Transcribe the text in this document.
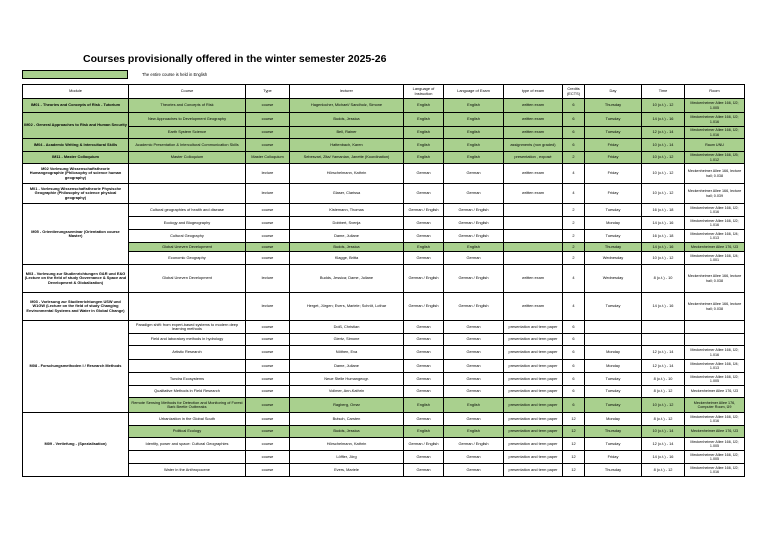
Courses provisionally offered in the winter semester 2025-26
The entire course is held in English
Module	Course	Type	lecturer	Language of Instruction	Language of Exam	type of exam	Credits (ECTS)	Day	Time	Room
IM01 - Theories and Concepts of Risk - Tutorium	Theories and Concepts of Risk	course	Hagenlocher, Michael/ Sandholz, Simone	English	English	written exam	6	Thursday	10 (c.t.) - 12	Meckenheimer Allee 166, Ü2; 1.005
IM02 - General Approaches to Risk and Human Security	New Approaches to Development Geography	course	Budds, Jessica	English	English	written exam	6	Tuesday	14 (c.t.) - 16	Meckenheimer Allee 166, Ü2; 1.016
	Earth System Science	course	Bell, Rainer	English	English	written exam	6	Tuesday	12 (c.t.) - 14	Meckenheimer Allee 166, Ü2; 1.016
IM04 - Academic Writing & Intercultural Skills	Academic Presentation & Intercultural Communication Skills	course	Hattenbach, Karen	English	English	assignments (non graded)	6	Friday	10 (c.t.) - 14	Raum UNU
IM11 - Master Colloquium	Master Colloquium	Master Colloquium	Sebesvari, Zita/ Yamanian, Janette (Koordination)	English	English	presentation , exposé	2	Friday	10 (c.t.) - 12	Meckenheimer Allee 166, Ü5; 1.012
M02 Vorlesung Wissenschaftstheorie Humangeographie (Philosophy of science human geography)		lecture	Hörschelmann, Kathrin	German	German	written exam	4	Friday	10 (c.t.) - 12	Meckenheimer Allee 166, lecture hall; 0.038
M01 - Vorlesung Wissenschaftstheorie Physische Geographie (Philosophy of science physical geography)		lecture	Glaser, Clarissa	German	German	written exam	4	Friday	10 (c.t.) - 12	Meckenheimer Allee 166, lecture hall; 0.039
M05 - Orientierungsseminar (Orientation course Master)	Cultural geographies of health and disease	course	Kistemann, Thomas	German / English	German / English		2	Tuesday	16 (c.t.) - 18	Meckenheimer Allee 166, Ü2; 1.016
	Ecology and Biogeography	course	Dobbert, Svenja	German	German / English		2	Monday	14 (c.t.) - 16	Meckenheimer Allee 166, Ü2; 1.016
	Cultural Geography	course	Dame, Juliane	German	German / English		2	Tuesday	16 (c.t.) - 18	Meckenheimer Allee 166, Ü4; 1.013
	Global Uneven Development	course	Budds, Jessica	English	English		2	Thursday	14 (c.t.) - 16	Meckenheimer Allee 176, Ü3
	Economic Geography	course	Klagge, Britta	German	German		2	Wednesday	10 (c.t.) - 12	Meckenheimer Allee 166, Ü4; 1.001
M03 - Vorlesung zur Studienrichtungen G&R und E&G (Lecture on the field of study Governance & Space and Development & Globalization)	Global Uneven Development	lecture	Budds, Jessica; Dame, Juliane	German / English	German / English	written exam	4	Wednesday	8 (c.t.) - 10	Meckenheimer Allee 166, lecture hall; 0.038
M03 - Vorlesung zur Studienrichtungen USW und W1GW (Lecture on the field of study Changing Environmental Systems and Water in Global Change)		lecture	Herget, Jürgen; Evers, Mariele; Schröt, Lothar	German / English	German / English	written exam	4	Tuesday	14 (c.t.) - 16	Meckenheimer Allee 166, lecture hall; 0.038
M08 - Forschungsmethoden I / Research Methods	Paradigm shift: from expert-based systems to modern deep learning methods	course	Dolß, Christian	German	German	presentation and term paper	6			
	Field and laboratory methods in hydrology	course	Giertz, Simone	German	German	presentation and term paper	6			
	Artistic Research	course	Nöthen, Eva	German	German	presentation and term paper	6	Monday	12 (c.t.) - 14	Meckenheimer Allee 166, Ü2; 1.016
		course	Dame, Juliane	German	German	presentation and term paper	6	Monday	12 (c.t.) - 14	Meckenheimer Allee 166, Ü4; 1.013
	Tundra Ecosystems	course	Neue Stelle Humangeogr.	German	German	presentation and term paper	6	Tuesday	8 (c.t.) - 10	Meckenheimer Allee 166, Ü2; 1.005
	Qualitative Methods in Field Research	course	Vollmer, Ann-Kathrin	German	German	presentation and term paper	6	Tuesday	8 (c.t.) - 12	Meckenheimer Allee 176, Ü3
	Remote Sensing Methods for Detection and Monitoring of Forest Bark Beetle Outbreaks	course	Ragberg, Omar	English	English	presentation and term paper	6	Tuesday	10 (c.t.) - 12	Meckenheimer Allee 176, Computer Room, Ü9
M09 - Vertiefung - (Spezialisation)	Urbanization in the Global South	course	Butsch, Carsten	German	German	presentation and term paper	12	Monday	8 (c.t.) - 12	Meckenheimer Allee 166, Ü2; 1.016
	Political Ecology	course	Budds, Jessica	English	English	presentation and term paper	12	Thursday	10 (c.t.) - 14	Meckenheimer Allee 176, Ü3
	Identity, power and space: Cultural Geographies	course	Hörschelmann, Kathrin	German / English	German / English	presentation and term paper	12	Tuesday	12 (c.t.) - 14	Meckenheimer Allee 166, Ü2; 1.005
		course	Löffler, Jörg	German	German	presentation and term paper	12	Friday	14 (c.t.) - 16	Meckenheimer Allee 166, Ü2; 1.005
	Water in the Anthropocene	course	Evers, Mariele	German	German	presentation and term paper	12	Thursday	8 (c.t.) - 12	Meckenheimer Allee 166, Ü2; 1.016
